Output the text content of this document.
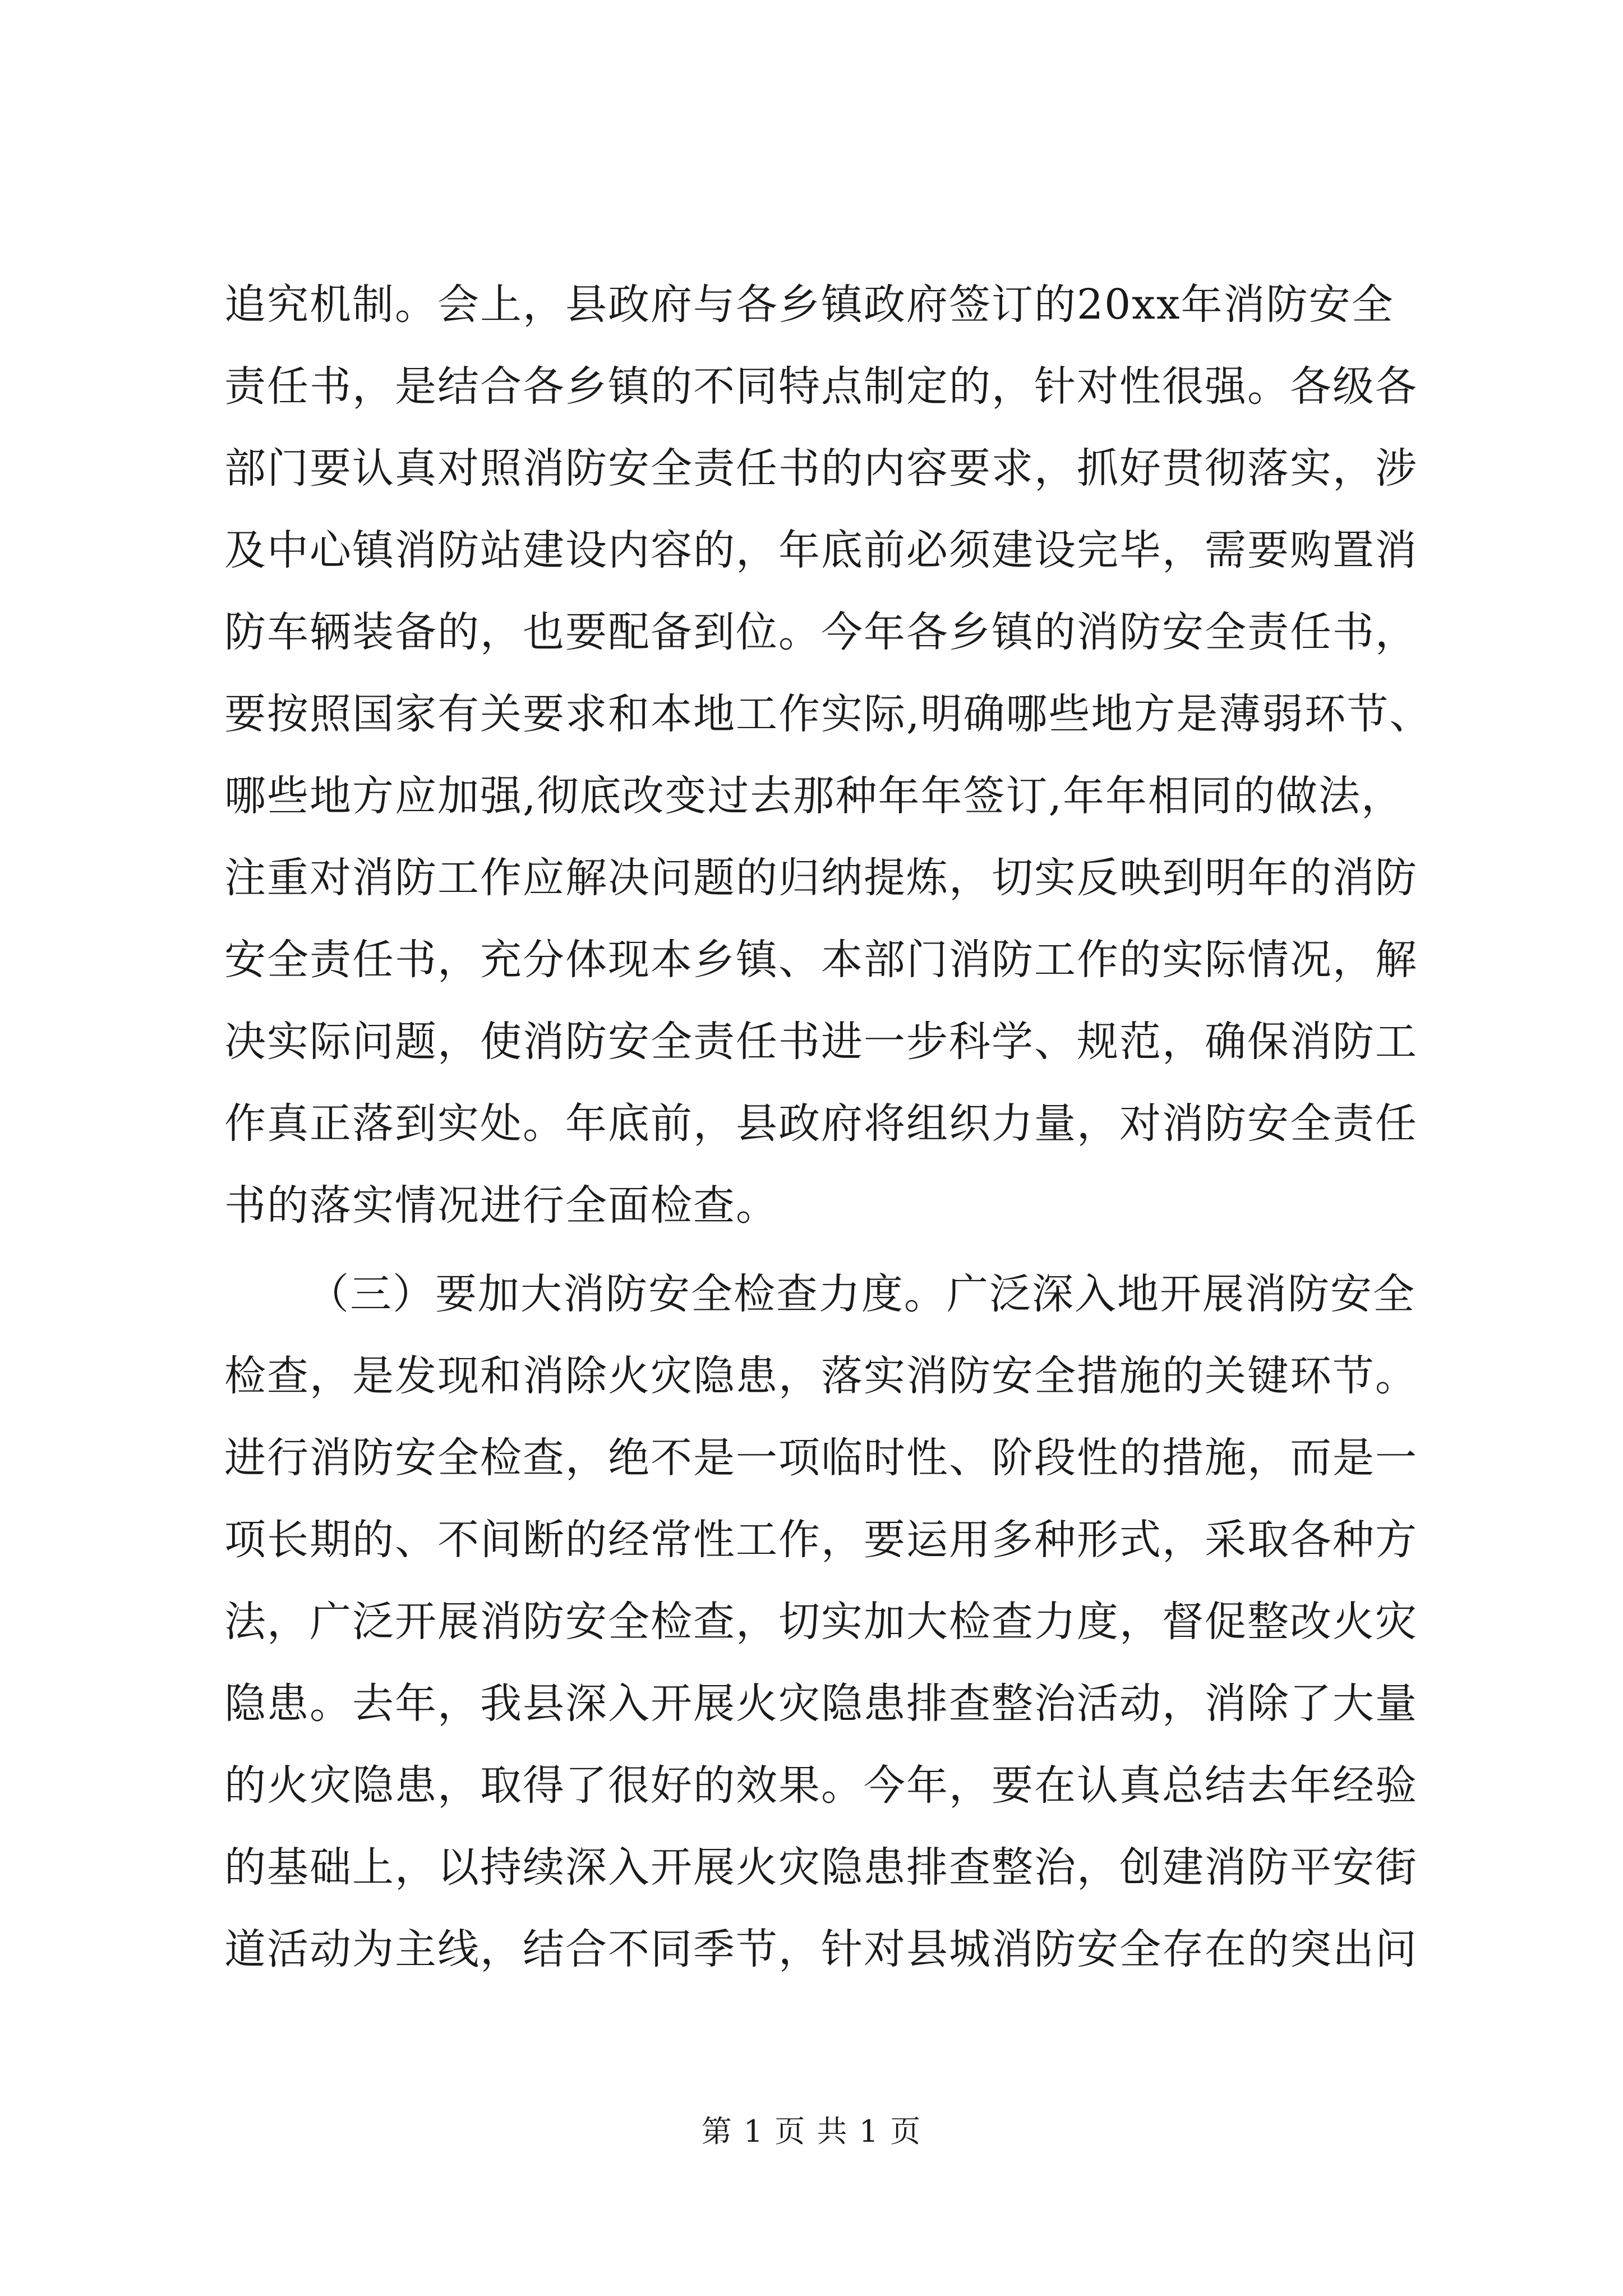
追究机制。会上，县政府与各乡镇政府签订的20xx年消防安全
责任书，是结合各乡镇的不同特点制定的，针对性很强。各级各
部门要认真对照消防安全责任书的内容要求，抓好贯彻落实，涉
及中心镇消防站建设内容的，年底前必须建设完毕，需要购置消
防车辆装备的，也要配备到位。今年各乡镇的消防安全责任书，
要按照国家有关要求和本地工作实际,明确哪些地方是薄弱环节、
哪些地方应加强,彻底改变过去那种年年签订,年年相同的做法，
注重对消防工作应解决问题的归纳提炼，切实反映到明年的消防
安全责任书，充分体现本乡镇、本部门消防工作的实际情况，解
决实际问题，使消防安全责任书进一步科学、规范，确保消防工
作真正落到实处。年底前，县政府将组织力量，对消防安全责任
书的落实情况进行全面检查。
（三）要加大消防安全检查力度。广泛深入地开展消防安全
检查，是发现和消除火灾隐患，落实消防安全措施的关键环节。
进行消防安全检查，绝不是一项临时性、阶段性的措施，而是一
项长期的、不间断的经常性工作，要运用多种形式，采取各种方
法，广泛开展消防安全检查，切实加大检查力度，督促整改火灾
隐患。去年，我县深入开展火灾隐患排查整治活动，消除了大量
的火灾隐患，取得了很好的效果。今年，要在认真总结去年经验
的基础上，以持续深入开展火灾隐患排查整治，创建消防平安街
道活动为主线，结合不同季节，针对县城消防安全存在的突出问
第 1 页 共 1 页
